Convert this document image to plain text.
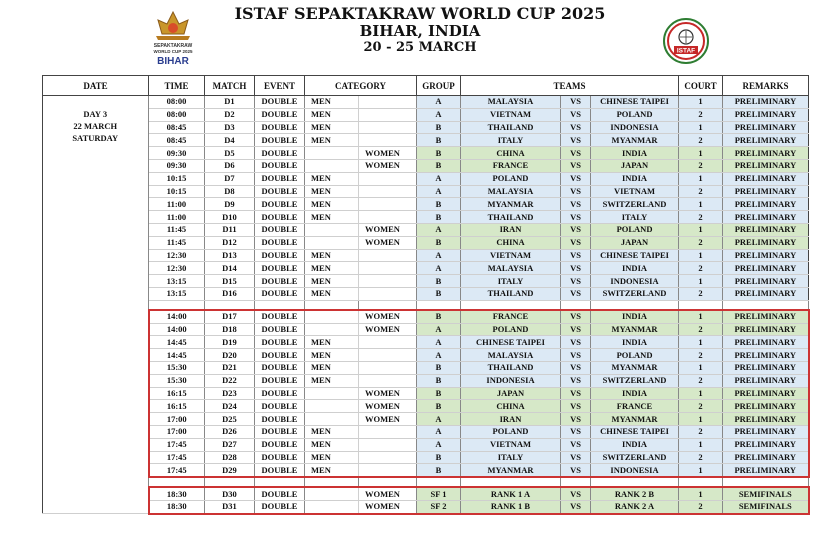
ISTAF SEPAKTAKRAW WORLD CUP 2025
BIHAR, INDIA
20 - 25 MARCH
SEPAKTAKRAW
WORLD CUP 2025
BIHAR
ISTAF
DATE	TIME	MATCH	EVENT	CATEGORY		GROUP	TEAMS			COURT	REMARKS

DAY 3
22 MARCH
SATURDAY	08:00	D1	DOUBLE	MEN		A	MALAYSIA	VS	CHINESE TAIPEI	1	PRELIMINARY
	08:00	D2	DOUBLE	MEN		A	VIETNAM	VS	POLAND	2	PRELIMINARY
	08:45	D3	DOUBLE	MEN		B	THAILAND	VS	INDONESIA	1	PRELIMINARY
	08:45	D4	DOUBLE	MEN		B	ITALY	VS	MYANMAR	2	PRELIMINARY
	09:30	D5	DOUBLE		WOMEN	B	CHINA	VS	INDIA	1	PRELIMINARY
	09:30	D6	DOUBLE		WOMEN	B	FRANCE	VS	JAPAN	2	PRELIMINARY
	10:15	D7	DOUBLE	MEN		A	POLAND	VS	INDIA	1	PRELIMINARY
	10:15	D8	DOUBLE	MEN		A	MALAYSIA	VS	VIETNAM	2	PRELIMINARY
	11:00	D9	DOUBLE	MEN		B	MYANMAR	VS	SWITZERLAND	1	PRELIMINARY
	11:00	D10	DOUBLE	MEN		B	THAILAND	VS	ITALY	2	PRELIMINARY
	11:45	D11	DOUBLE		WOMEN	A	IRAN	VS	POLAND	1	PRELIMINARY
	11:45	D12	DOUBLE		WOMEN	B	CHINA	VS	JAPAN	2	PRELIMINARY
	12:30	D13	DOUBLE	MEN		A	VIETNAM	VS	CHINESE TAIPEI	1	PRELIMINARY
	12:30	D14	DOUBLE	MEN		A	MALAYSIA	VS	INDIA	2	PRELIMINARY
	13:15	D15	DOUBLE	MEN		B	ITALY	VS	INDONESIA	1	PRELIMINARY
	13:15	D16	DOUBLE	MEN		B	THAILAND	VS	SWITZERLAND	2	PRELIMINARY

	14:00	D17	DOUBLE		WOMEN	B	FRANCE	VS	INDIA	1	PRELIMINARY
	14:00	D18	DOUBLE		WOMEN	A	POLAND	VS	MYANMAR	2	PRELIMINARY
	14:45	D19	DOUBLE	MEN		A	CHINESE TAIPEI	VS	INDIA	1	PRELIMINARY
	14:45	D20	DOUBLE	MEN		A	MALAYSIA	VS	POLAND	2	PRELIMINARY
	15:30	D21	DOUBLE	MEN		B	THAILAND	VS	MYANMAR	1	PRELIMINARY
	15:30	D22	DOUBLE	MEN		B	INDONESIA	VS	SWITZERLAND	2	PRELIMINARY
	16:15	D23	DOUBLE		WOMEN	B	JAPAN	VS	INDIA	1	PRELIMINARY
	16:15	D24	DOUBLE		WOMEN	B	CHINA	VS	FRANCE	2	PRELIMINARY
	17:00	D25	DOUBLE		WOMEN	A	IRAN	VS	MYANMAR	1	PRELIMINARY
	17:00	D26	DOUBLE	MEN		A	POLAND	VS	CHINESE TAIPEI	2	PRELIMINARY
	17:45	D27	DOUBLE	MEN		A	VIETNAM	VS	INDIA	1	PRELIMINARY
	17:45	D28	DOUBLE	MEN		B	ITALY	VS	SWITZERLAND	2	PRELIMINARY
	17:45	D29	DOUBLE	MEN		B	MYANMAR	VS	INDONESIA	1	PRELIMINARY

	18:30	D30	DOUBLE		WOMEN	SF 1	RANK 1 A	VS	RANK 2 B	1	SEMIFINALS
	18:30	D31	DOUBLE		WOMEN	SF 2	RANK 1 B	VS	RANK 2 A	2	SEMIFINALS
